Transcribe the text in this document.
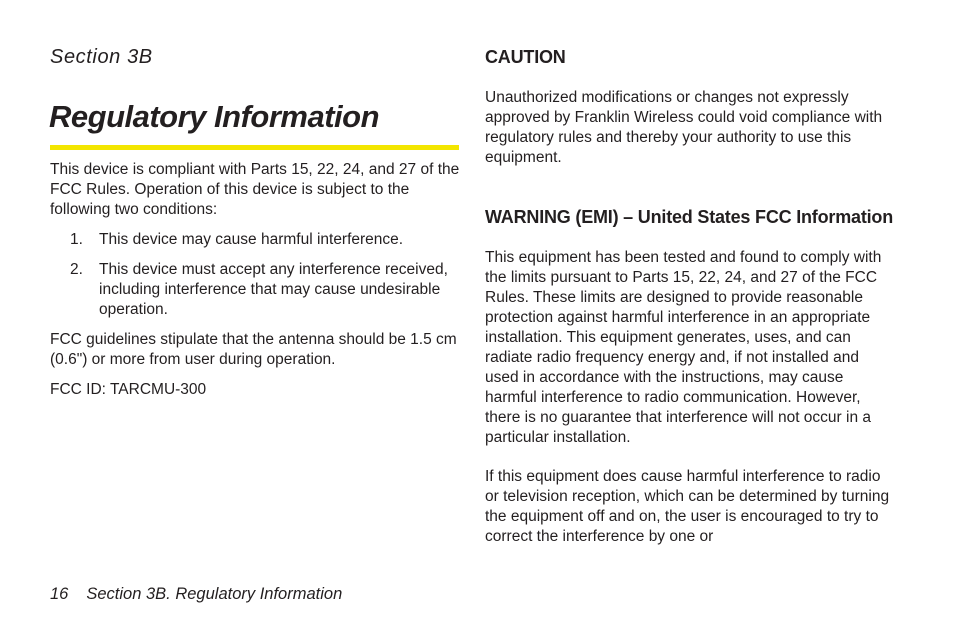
Section 3B

Regulatory Information

This device is compliant with Parts 15, 22, 24, and 27 of the FCC Rules. Operation of this device is subject to the following two conditions:

1.	This device may cause harmful interference.
2.	This device must accept any interference received, including interference that may cause undesirable operation.

FCC guidelines stipulate that the antenna should be 1.5 cm (0.6") or more from user during operation.

FCC ID: TARCMU-300

CAUTION

Unauthorized modifications or changes not expressly approved by Franklin Wireless could void compliance with regulatory rules and thereby your authority to use this equipment.

WARNING (EMI) – United States FCC Information

This equipment has been tested and found to comply with the limits pursuant to Parts 15, 22, 24, and 27 of the FCC Rules. These limits are designed to provide reasonable protection against harmful interference in an appropriate installation. This equipment generates, uses, and can radiate radio frequency energy and, if not installed and used in accordance with the instructions, may cause harmful interference to radio communication. However, there is no guarantee that interference will not occur in a particular installation.

If this equipment does cause harmful interference to radio or television reception, which can be determined by turning the equipment off and on, the user is encouraged to try to correct the interference by one or

16 Section 3B. Regulatory Information
